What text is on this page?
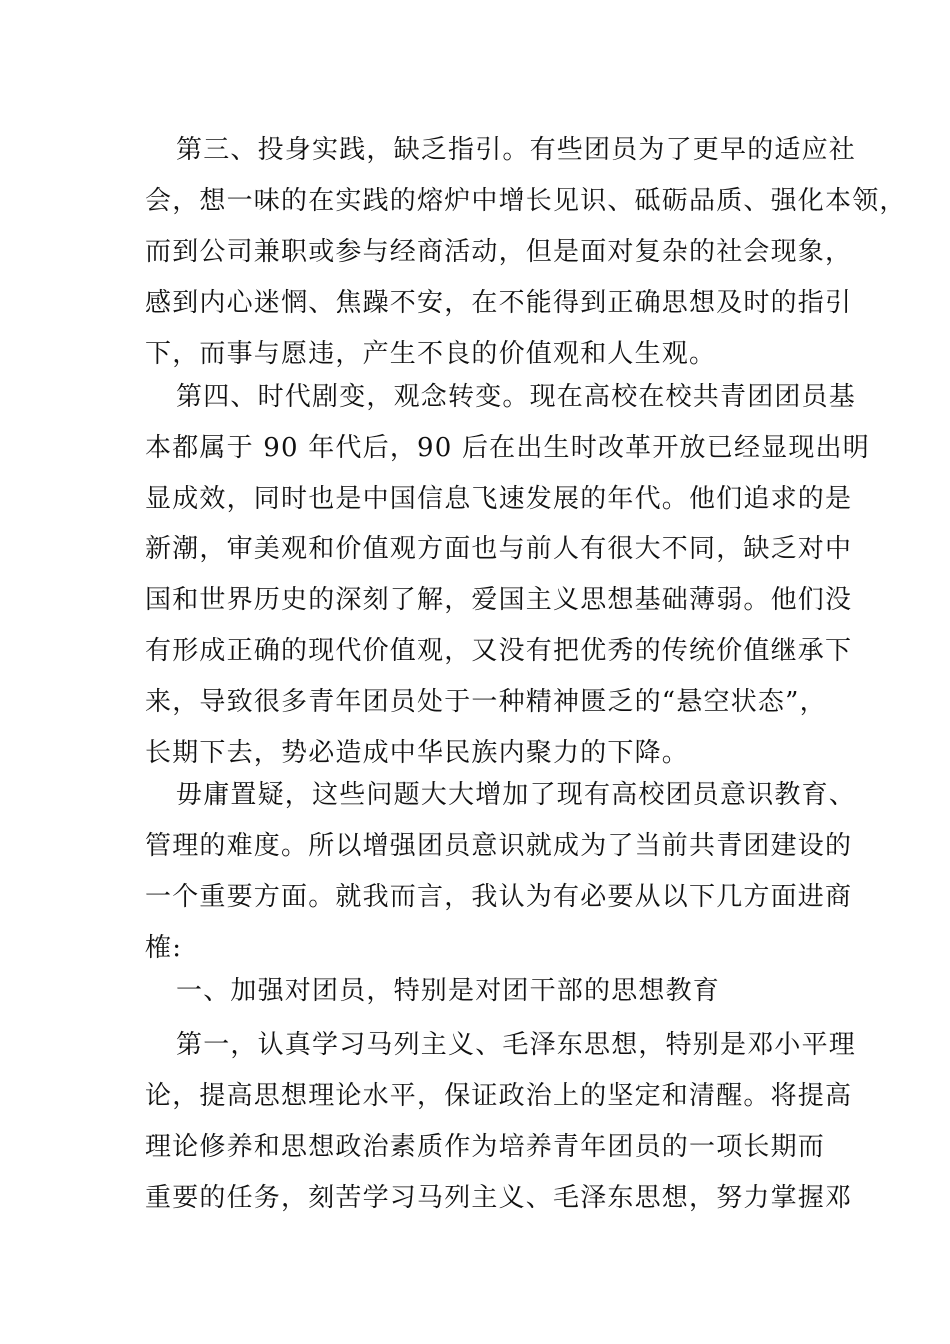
第三、投身实践，缺乏指引。有些团员为了更早的适应社
会，想一味的在实践的熔炉中增长见识、砥砺品质、强化本领，
而到公司兼职或参与经商活动，但是面对复杂的社会现象，
感到内心迷惘、焦躁不安，在不能得到正确思想及时的指引
下，而事与愿违，产生不良的价值观和人生观。
第四、时代剧变，观念转变。现在高校在校共青团团员基
本都属于 90 年代后，90 后在出生时改革开放已经显现出明
显成效，同时也是中国信息飞速发展的年代。他们追求的是
新潮，审美观和价值观方面也与前人有很大不同，缺乏对中
国和世界历史的深刻了解，爱国主义思想基础薄弱。他们没
有形成正确的现代价值观，又没有把优秀的传统价值继承下
来，导致很多青年团员处于一种精神匮乏的“悬空状态”，
长期下去，势必造成中华民族内聚力的下降。
毋庸置疑，这些问题大大增加了现有高校团员意识教育、
管理的难度。所以增强团员意识就成为了当前共青团建设的
一个重要方面。就我而言，我认为有必要从以下几方面进商
榷:
一、加强对团员，特别是对团干部的思想教育
第一，认真学习马列主义、毛泽东思想，特别是邓小平理
论，提高思想理论水平，保证政治上的坚定和清醒。将提高
理论修养和思想政治素质作为培养青年团员的一项长期而
重要的任务，刻苦学习马列主义、毛泽东思想，努力掌握邓
